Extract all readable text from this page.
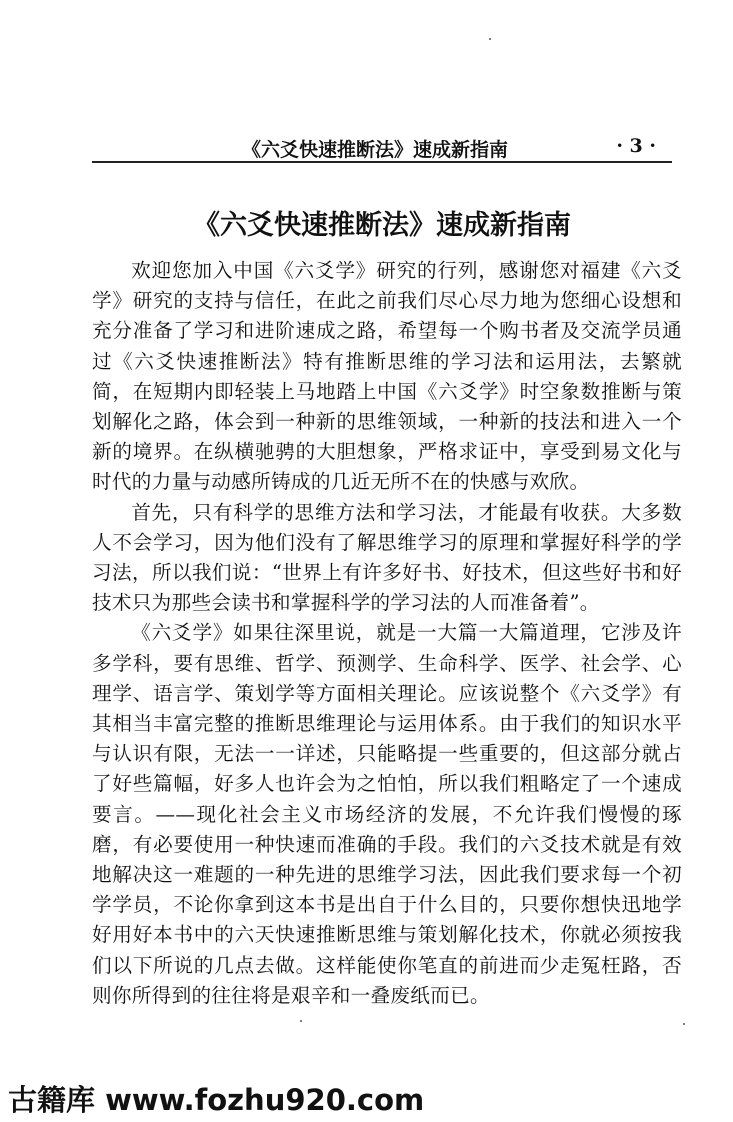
《六爻快速推断法》速成新指南	· 3 ·
《六爻快速推断法》速成新指南

欢迎您加入中国《六爻学》研究的行列，感谢您对福建《六爻学》研究的支持与信任，在此之前我们尽心尽力地为您细心设想和充分准备了学习和进阶速成之路，希望每一个购书者及交流学员通过《六爻快速推断法》特有推断思维的学习法和运用法，去繁就简，在短期内即轻装上马地踏上中国《六爻学》时空象数推断与策划解化之路，体会到一种新的思维领域，一种新的技法和进入一个新的境界。在纵横驰骋的大胆想象，严格求证中，享受到易文化与时代的力量与动感所铸成的几近无所不在的快感与欢欣。

首先，只有科学的思维方法和学习法，才能最有收获。大多数人不会学习，因为他们没有了解思维学习的原理和掌握好科学的学习法，所以我们说：“世界上有许多好书、好技术，但这些好书和好技术只为那些会读书和掌握科学的学习法的人而准备着”。

《六爻学》如果往深里说，就是一大篇一大篇道理，它涉及许多学科，要有思维、哲学、预测学、生命科学、医学、社会学、心理学、语言学、策划学等方面相关理论。应该说整个《六爻学》有其相当丰富完整的推断思维理论与运用体系。由于我们的知识水平与认识有限，无法一一详述，只能略提一些重要的，但这部分就占了好些篇幅，好多人也许会为之怕怕，所以我们粗略定了一个速成要言。——现化社会主义市场经济的发展，不允许我们慢慢的琢磨，有必要使用一种快速而准确的手段。我们的六爻技术就是有效地解决这一难题的一种先进的思维学习法，因此我们要求每一个初学学员，不论你拿到这本书是出自于什么目的，只要你想快迅地学好用好本书中的六天快速推断思维与策划解化技术，你就必须按我们以下所说的几点去做。这样能使你笔直的前进而少走冤枉路，否则你所得到的往往将是艰辛和一叠废纸而已。

古籍库 www.fozhu920.com
